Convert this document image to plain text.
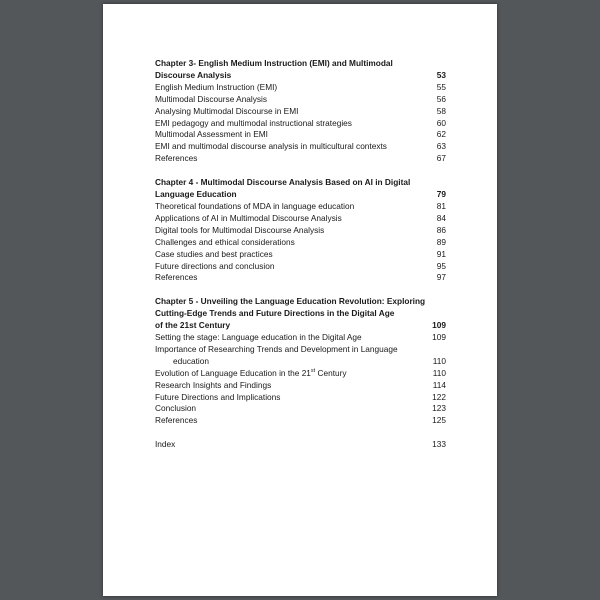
Chapter 3- English Medium Instruction (EMI) and Multimodal
Discourse Analysis	53
English Medium Instruction (EMI)	55
Multimodal Discourse Analysis	56
Analysing Multimodal Discourse in EMI	58
EMI pedagogy and multimodal instructional strategies	60
Multimodal Assessment in EMI	62
EMI and multimodal discourse analysis in multicultural contexts	63
References	67
Chapter 4 - Multimodal Discourse Analysis Based on AI in Digital
Language Education	79
Theoretical foundations of MDA in language education	81
Applications of AI in Multimodal Discourse Analysis	84
Digital tools for Multimodal Discourse Analysis	86
Challenges and ethical considerations	89
Case studies and best practices	91
Future directions and conclusion	95
References	97
Chapter 5 - Unveiling the Language Education Revolution: Exploring
Cutting-Edge Trends and Future Directions in the Digital Age
of the 21st Century	109
Setting the stage: Language education in the Digital Age	109
Importance of Researching Trends and Development in Language
education	110
Evolution of Language Education in the 21st Century	110
Research Insights and Findings	114
Future Directions and Implications	122
Conclusion	123
References	125
Index	133
